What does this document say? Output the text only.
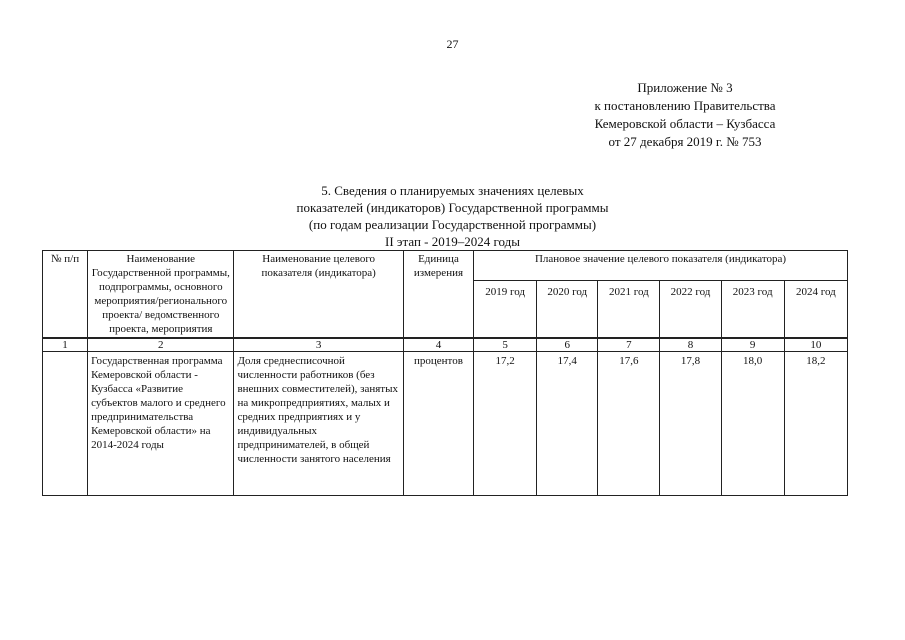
27
Приложение № 3
к постановлению Правительства
Кемеровской области – Кузбасса
от 27 декабря 2019 г. № 753
5. Сведения о планируемых значениях целевых
показателей (индикаторов) Государственной программы
(по годам реализации Государственной программы)
II этап - 2019–2024 годы
№ п/п	Наименование Государственной программы, подпрограммы, основного мероприятия/регионального проекта/ ведомственного проекта, мероприятия	Наименование целевого показателя (индикатора)	Единица измерения	Плановое значение целевого показателя (индикатора)					
				2019 год	2020 год	2021 год	2022 год	2023 год	2024 год
1	2	3	4	5	6	7	8	9	10
	Государственная программа Кемеровской области - Кузбасса «Развитие субъектов малого и среднего предпринимательства Кемеровской области» на 2014-2024 годы	Доля среднесписочной численности работников (без внешних совместителей), занятых на микропредприятиях, малых и средних предприятиях и у индивидуальных предпринимателей, в общей численности занятого населения	процентов	17,2	17,4	17,6	17,8	18,0	18,2
